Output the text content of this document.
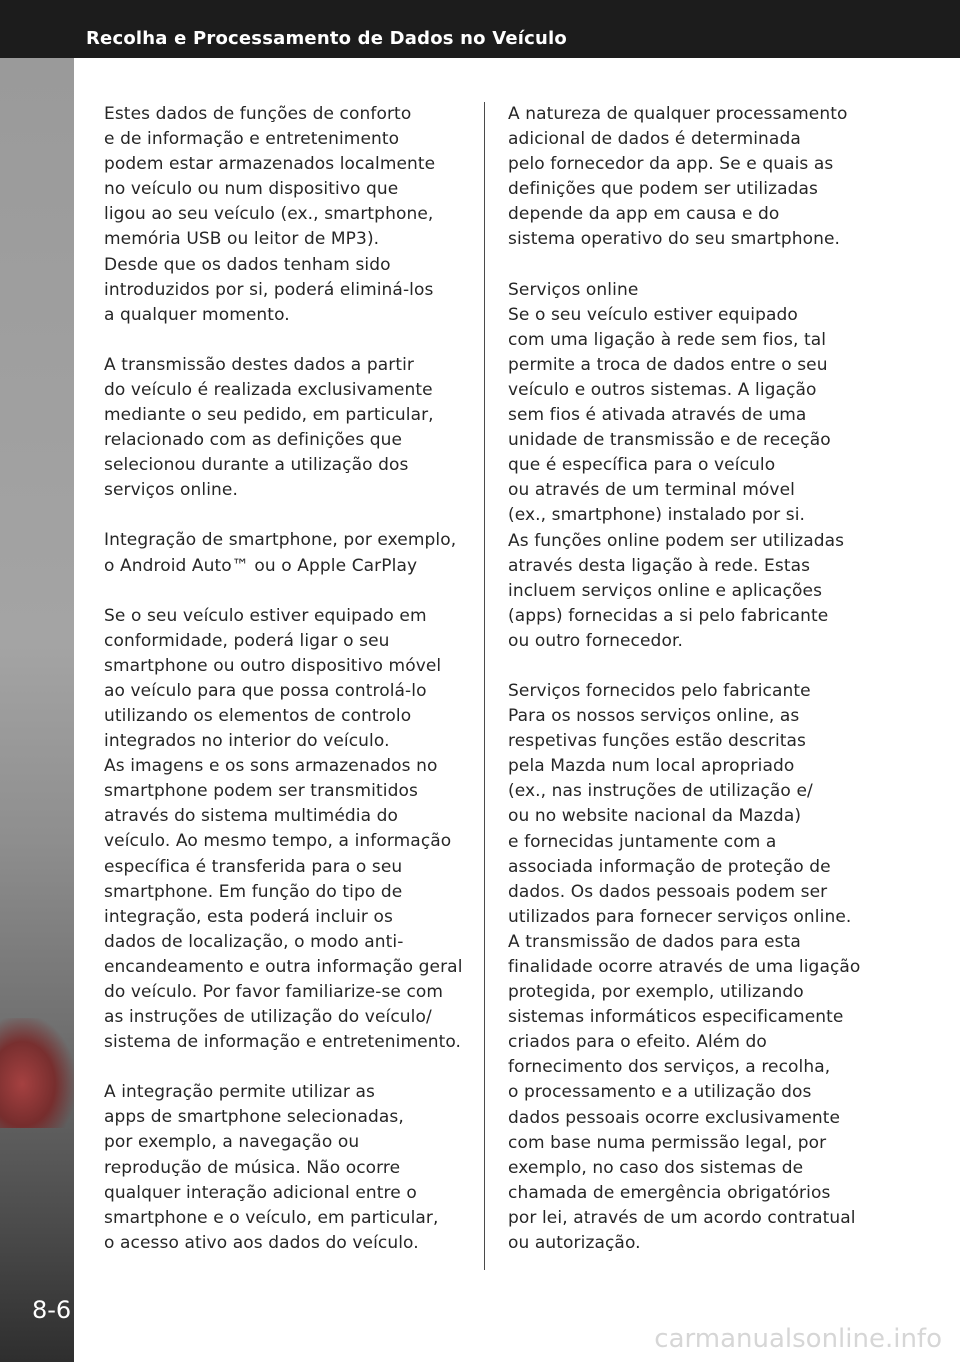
Recolha e Processamento de Dados no Veículo
8-6

Estes dados de funções de conforto
e de informação e entretenimento
podem estar armazenados localmente
no veículo ou num dispositivo que
ligou ao seu veículo (ex., smartphone,
memória USB ou leitor de MP3).
Desde que os dados tenham sido
introduzidos por si, poderá eliminá-los
a qualquer momento.

A transmissão destes dados a partir
do veículo é realizada exclusivamente
mediante o seu pedido, em particular,
relacionado com as definições que
selecionou durante a utilização dos
serviços online.

Integração de smartphone, por exemplo,
o Android Auto™ ou o Apple CarPlay

Se o seu veículo estiver equipado em
conformidade, poderá ligar o seu
smartphone ou outro dispositivo móvel
ao veículo para que possa controlá-lo
utilizando os elementos de controlo
integrados no interior do veículo.
As imagens e os sons armazenados no
smartphone podem ser transmitidos
através do sistema multimédia do
veículo. Ao mesmo tempo, a informação
específica é transferida para o seu
smartphone. Em função do tipo de
integração, esta poderá incluir os
dados de localização, o modo anti-
encandeamento e outra informação geral
do veículo. Por favor familiarize-se com
as instruções de utilização do veículo/
sistema de informação e entretenimento.

A integração permite utilizar as
apps de smartphone selecionadas,
por exemplo, a navegação ou
reprodução de música. Não ocorre
qualquer interação adicional entre o
smartphone e o veículo, em particular,
o acesso ativo aos dados do veículo.

A natureza de qualquer processamento
adicional de dados é determinada
pelo fornecedor da app. Se e quais as
definições que podem ser utilizadas
depende da app em causa e do
sistema operativo do seu smartphone.

Serviços online
Se o seu veículo estiver equipado
com uma ligação à rede sem fios, tal
permite a troca de dados entre o seu
veículo e outros sistemas. A ligação
sem fios é ativada através de uma
unidade de transmissão e de receção
que é específica para o veículo
ou através de um terminal móvel
(ex., smartphone) instalado por si.
As funções online podem ser utilizadas
através desta ligação à rede. Estas
incluem serviços online e aplicações
(apps) fornecidas a si pelo fabricante
ou outro fornecedor.

Serviços fornecidos pelo fabricante
Para os nossos serviços online, as
respetivas funções estão descritas
pela Mazda num local apropriado
(ex., nas instruções de utilização e/
ou no website nacional da Mazda)
e fornecidas juntamente com a
associada informação de proteção de
dados. Os dados pessoais podem ser
utilizados para fornecer serviços online.
A transmissão de dados para esta
finalidade ocorre através de uma ligação
protegida, por exemplo, utilizando
sistemas informáticos especificamente
criados para o efeito. Além do
fornecimento dos serviços, a recolha,
o processamento e a utilização dos
dados pessoais ocorre exclusivamente
com base numa permissão legal, por
exemplo, no caso dos sistemas de
chamada de emergência obrigatórios
por lei, através de um acordo contratual
ou autorização.

carmanualsonline.info
